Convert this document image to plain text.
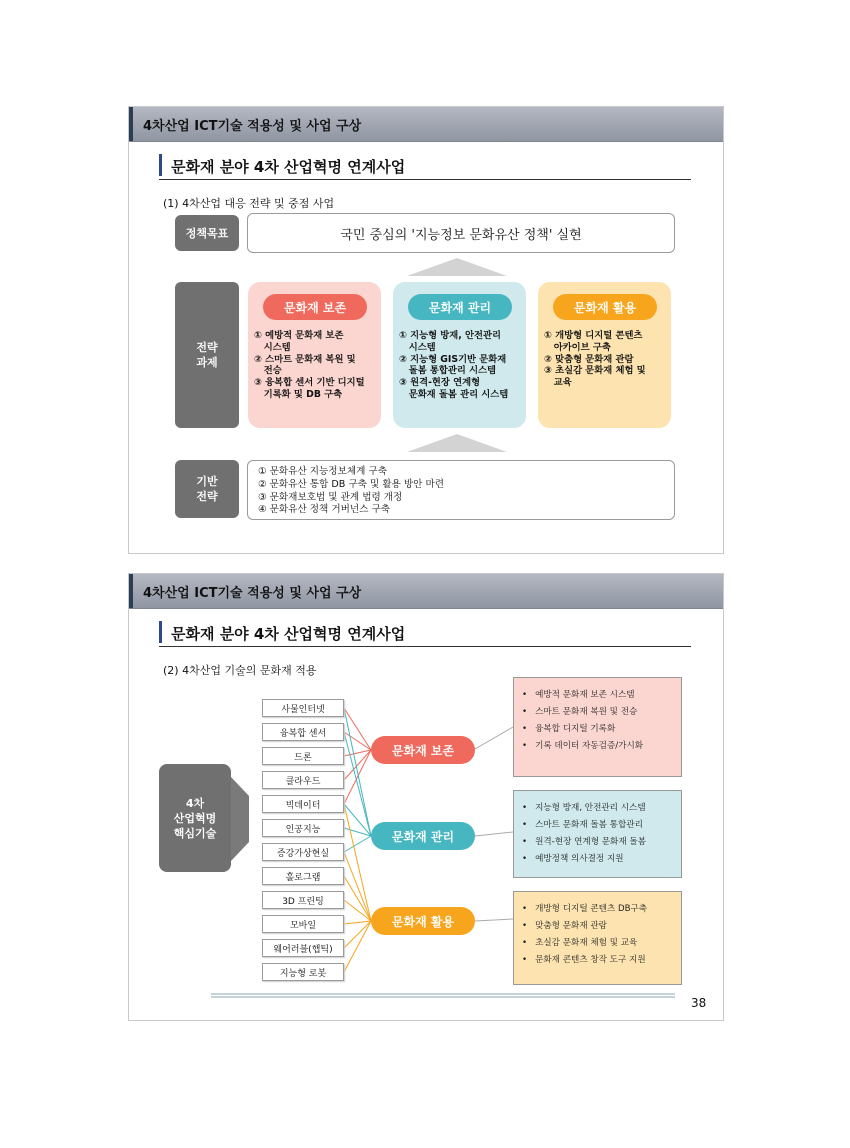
4차산업 ICT기술 적용성 및 사업 구상
문화재 분야 4차 산업혁명 연계사업
(1) 4차산업 대응 전략 및 중점 사업
정책목표	국민 중심의 '지능정보 문화유산 정책' 실현
전략
과제
문화재 보존
① 예방적 문화재 보존
시스템
② 스마트 문화재 복원 및
전승
③ 융복합 센서 기반 디지털
기록화 및 DB 구축
문화재 관리
① 지능형 방재, 안전관리
시스템
② 지능형 GIS기반 문화재
돌봄 통합관리 시스템
③ 원격-현장 연계형
문화재 돌봄 관리 시스템
문화재 활용
① 개방형 디지털 콘텐츠
아카이브 구축
② 맞춤형 문화재 관람
③ 초실감 문화재 체험 및
교육
기반
전략
① 문화유산 지능정보체계 구축
② 문화유산 통합 DB 구축 및 활용 방안 마련
③ 문화재보호법 및 관계 법령 개정
④ 문화유산 정책 거버넌스 구축
4차산업 ICT기술 적용성 및 사업 구상
문화재 분야 4차 산업혁명 연계사업
(2) 4차산업 기술의 문화재 적용
4차
산업혁명
핵심기술
사물인터넷
융복합 센서
드론
클라우드
빅데이터
인공지능
증강가상현실
홀로그램
3D 프린팅
모바일
웨어러블(햅틱)
지능형 로봇
문화재 보존
문화재 관리
문화재 활용
• 예방적 문화재 보존 시스템
• 스마트 문화재 복원 및 전승
• 융복합 디지털 기록화
• 기록 데이터 자동검증/가시화
• 지능형 방재, 안전관리 시스템
• 스마트 문화재 돌봄 통합관리
• 원격-현장 연계형 문화재 돌봄
• 예방정책 의사결정 지원
• 개방형 디지털 콘텐츠 DB구축
• 맞춤형 문화재 관람
• 초실감 문화재 체험 및 교육
• 문화재 콘텐츠 창작 도구 지원
38
